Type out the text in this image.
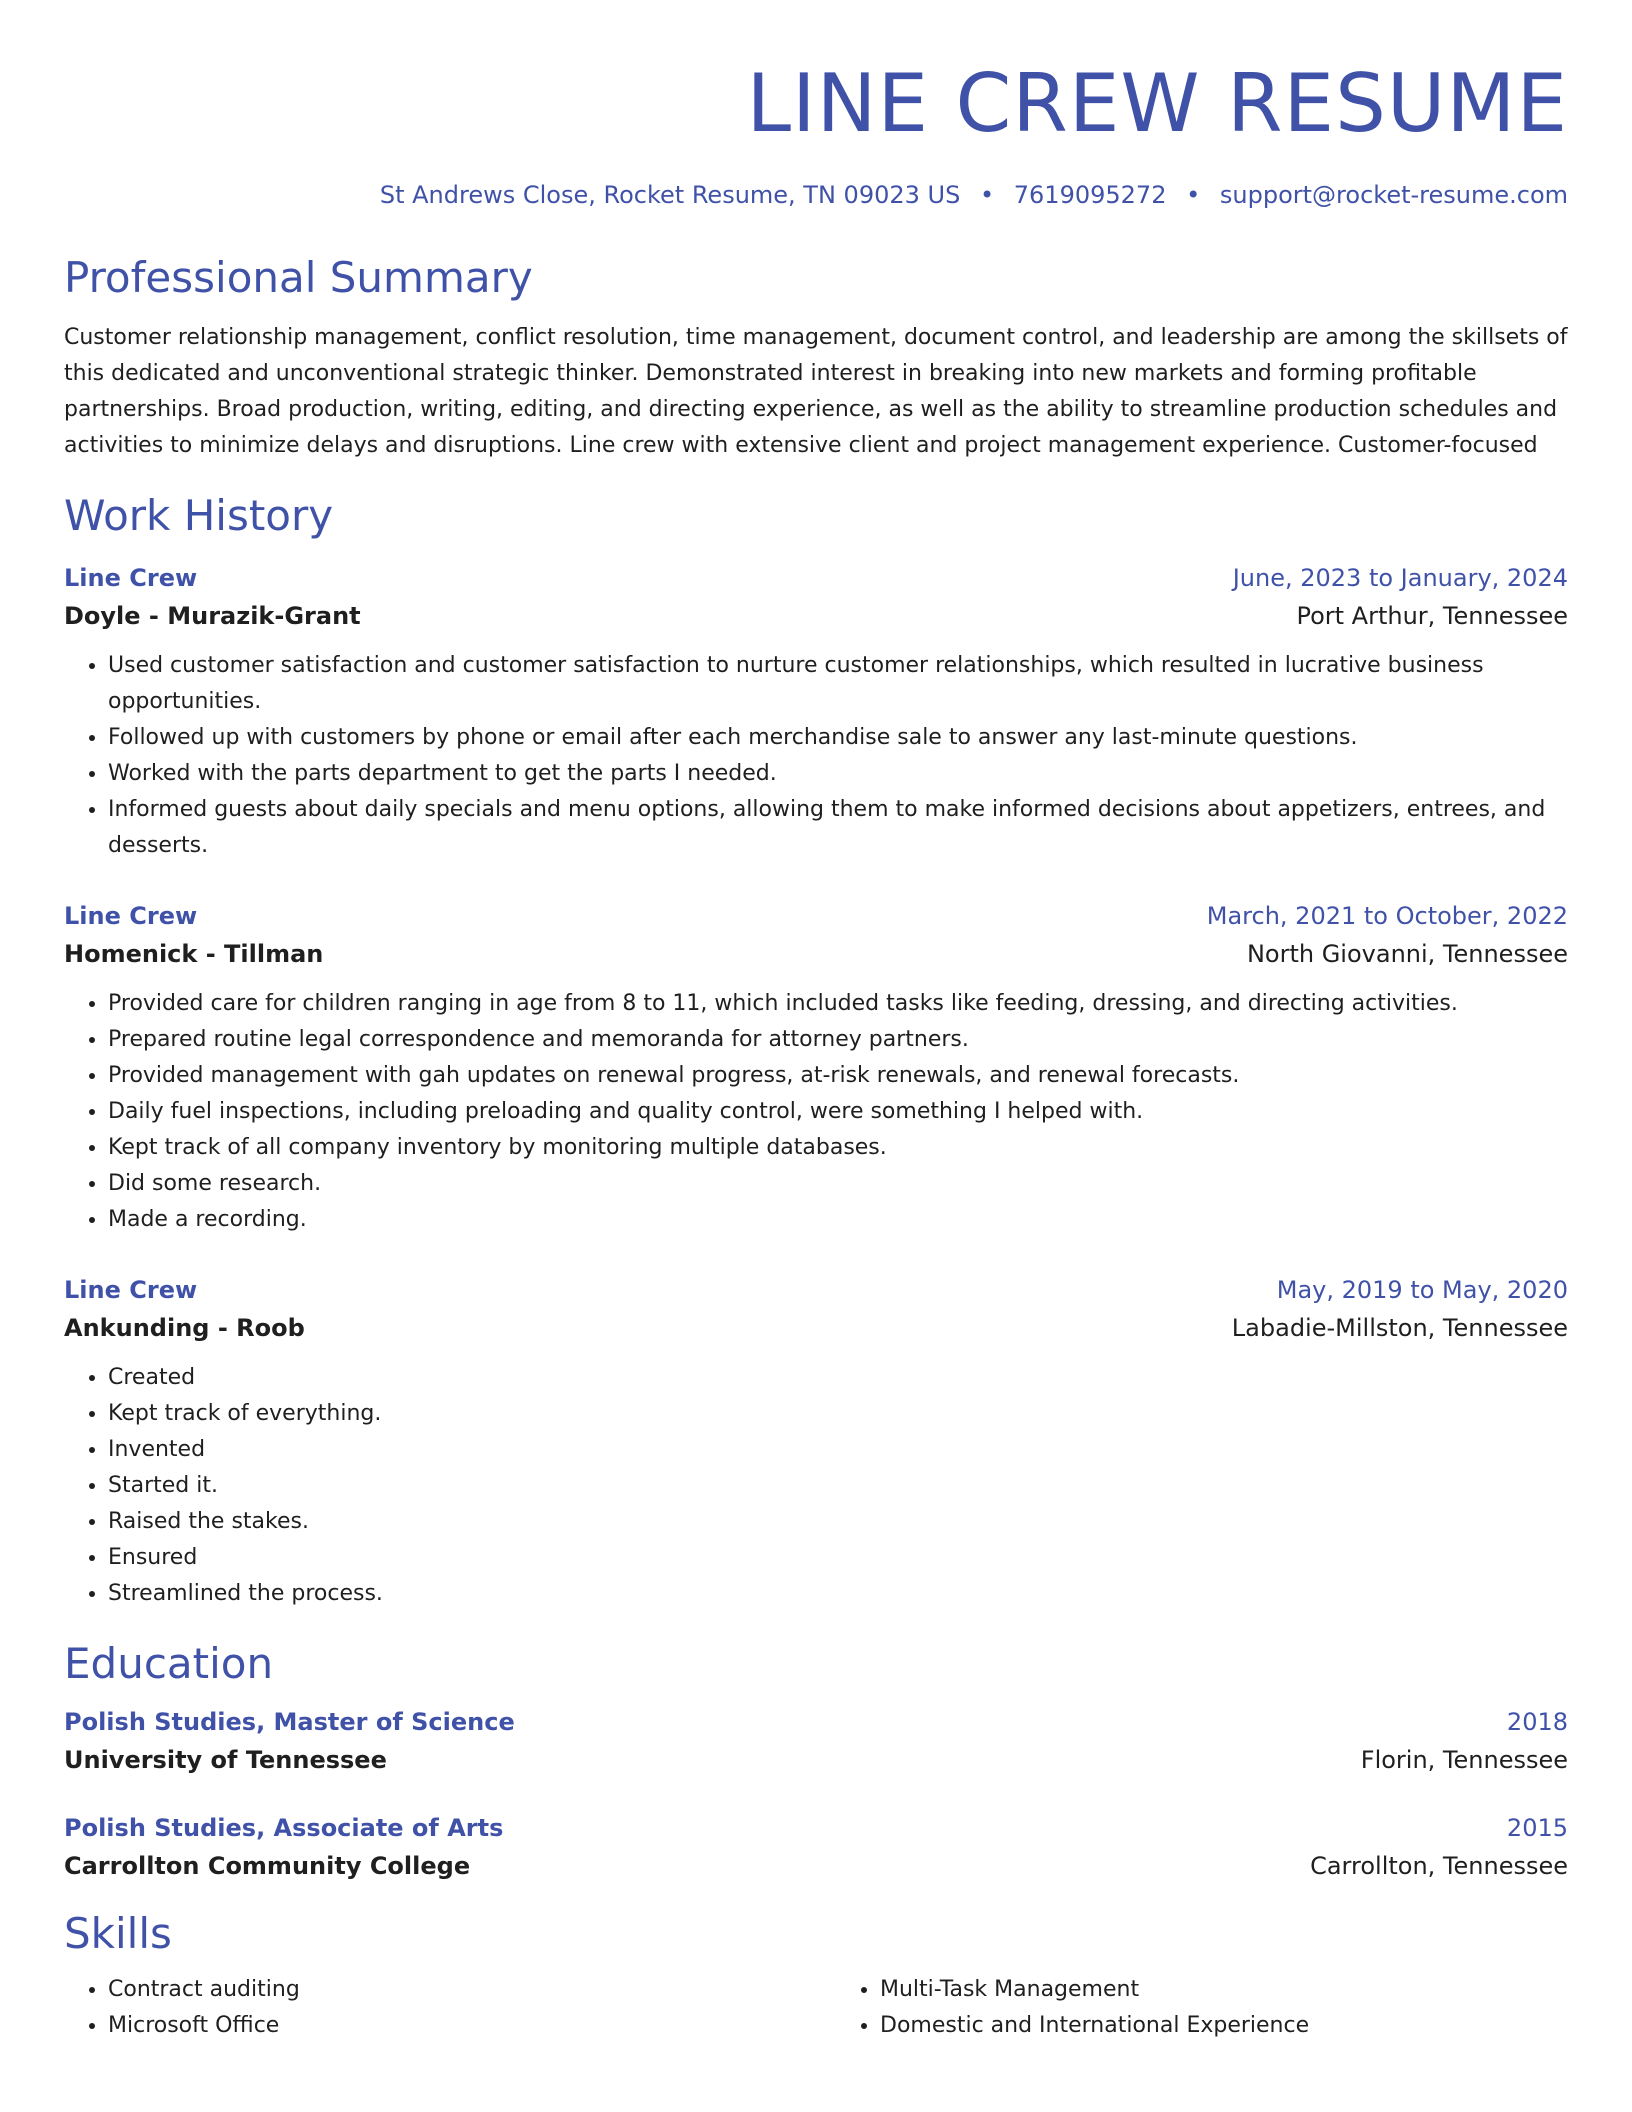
LINE CREW RESUME
St Andrews Close, Rocket Resume, TN 09023 US • 7619095272 • support@rocket-resume.com
Professional Summary
Customer relationship management, conflict resolution, time management, document control, and leadership are among the skillsets of this dedicated and unconventional strategic thinker. Demonstrated interest in breaking into new markets and forming profitable partnerships. Broad production, writing, editing, and directing experience, as well as the ability to streamline production schedules and activities to minimize delays and disruptions. Line crew with extensive client and project management experience. Customer-focused
Work History
Line Crew	June, 2023 to January, 2024
Doyle - Murazik-Grant	Port Arthur, Tennessee
• Used customer satisfaction and customer satisfaction to nurture customer relationships, which resulted in lucrative business opportunities.
• Followed up with customers by phone or email after each merchandise sale to answer any last-minute questions.
• Worked with the parts department to get the parts I needed.
• Informed guests about daily specials and menu options, allowing them to make informed decisions about appetizers, entrees, and desserts.
Line Crew	March, 2021 to October, 2022
Homenick - Tillman	North Giovanni, Tennessee
• Provided care for children ranging in age from 8 to 11, which included tasks like feeding, dressing, and directing activities.
• Prepared routine legal correspondence and memoranda for attorney partners.
• Provided management with gah updates on renewal progress, at-risk renewals, and renewal forecasts.
• Daily fuel inspections, including preloading and quality control, were something I helped with.
• Kept track of all company inventory by monitoring multiple databases.
• Did some research.
• Made a recording.
Line Crew	May, 2019 to May, 2020
Ankunding - Roob	Labadie-Millston, Tennessee
• Created
• Kept track of everything.
• Invented
• Started it.
• Raised the stakes.
• Ensured
• Streamlined the process.
Education
Polish Studies, Master of Science	2018
University of Tennessee	Florin, Tennessee
Polish Studies, Associate of Arts	2015
Carrollton Community College	Carrollton, Tennessee
Skills
• Contract auditing
• Microsoft Office
• Multi-Task Management
• Domestic and International Experience
